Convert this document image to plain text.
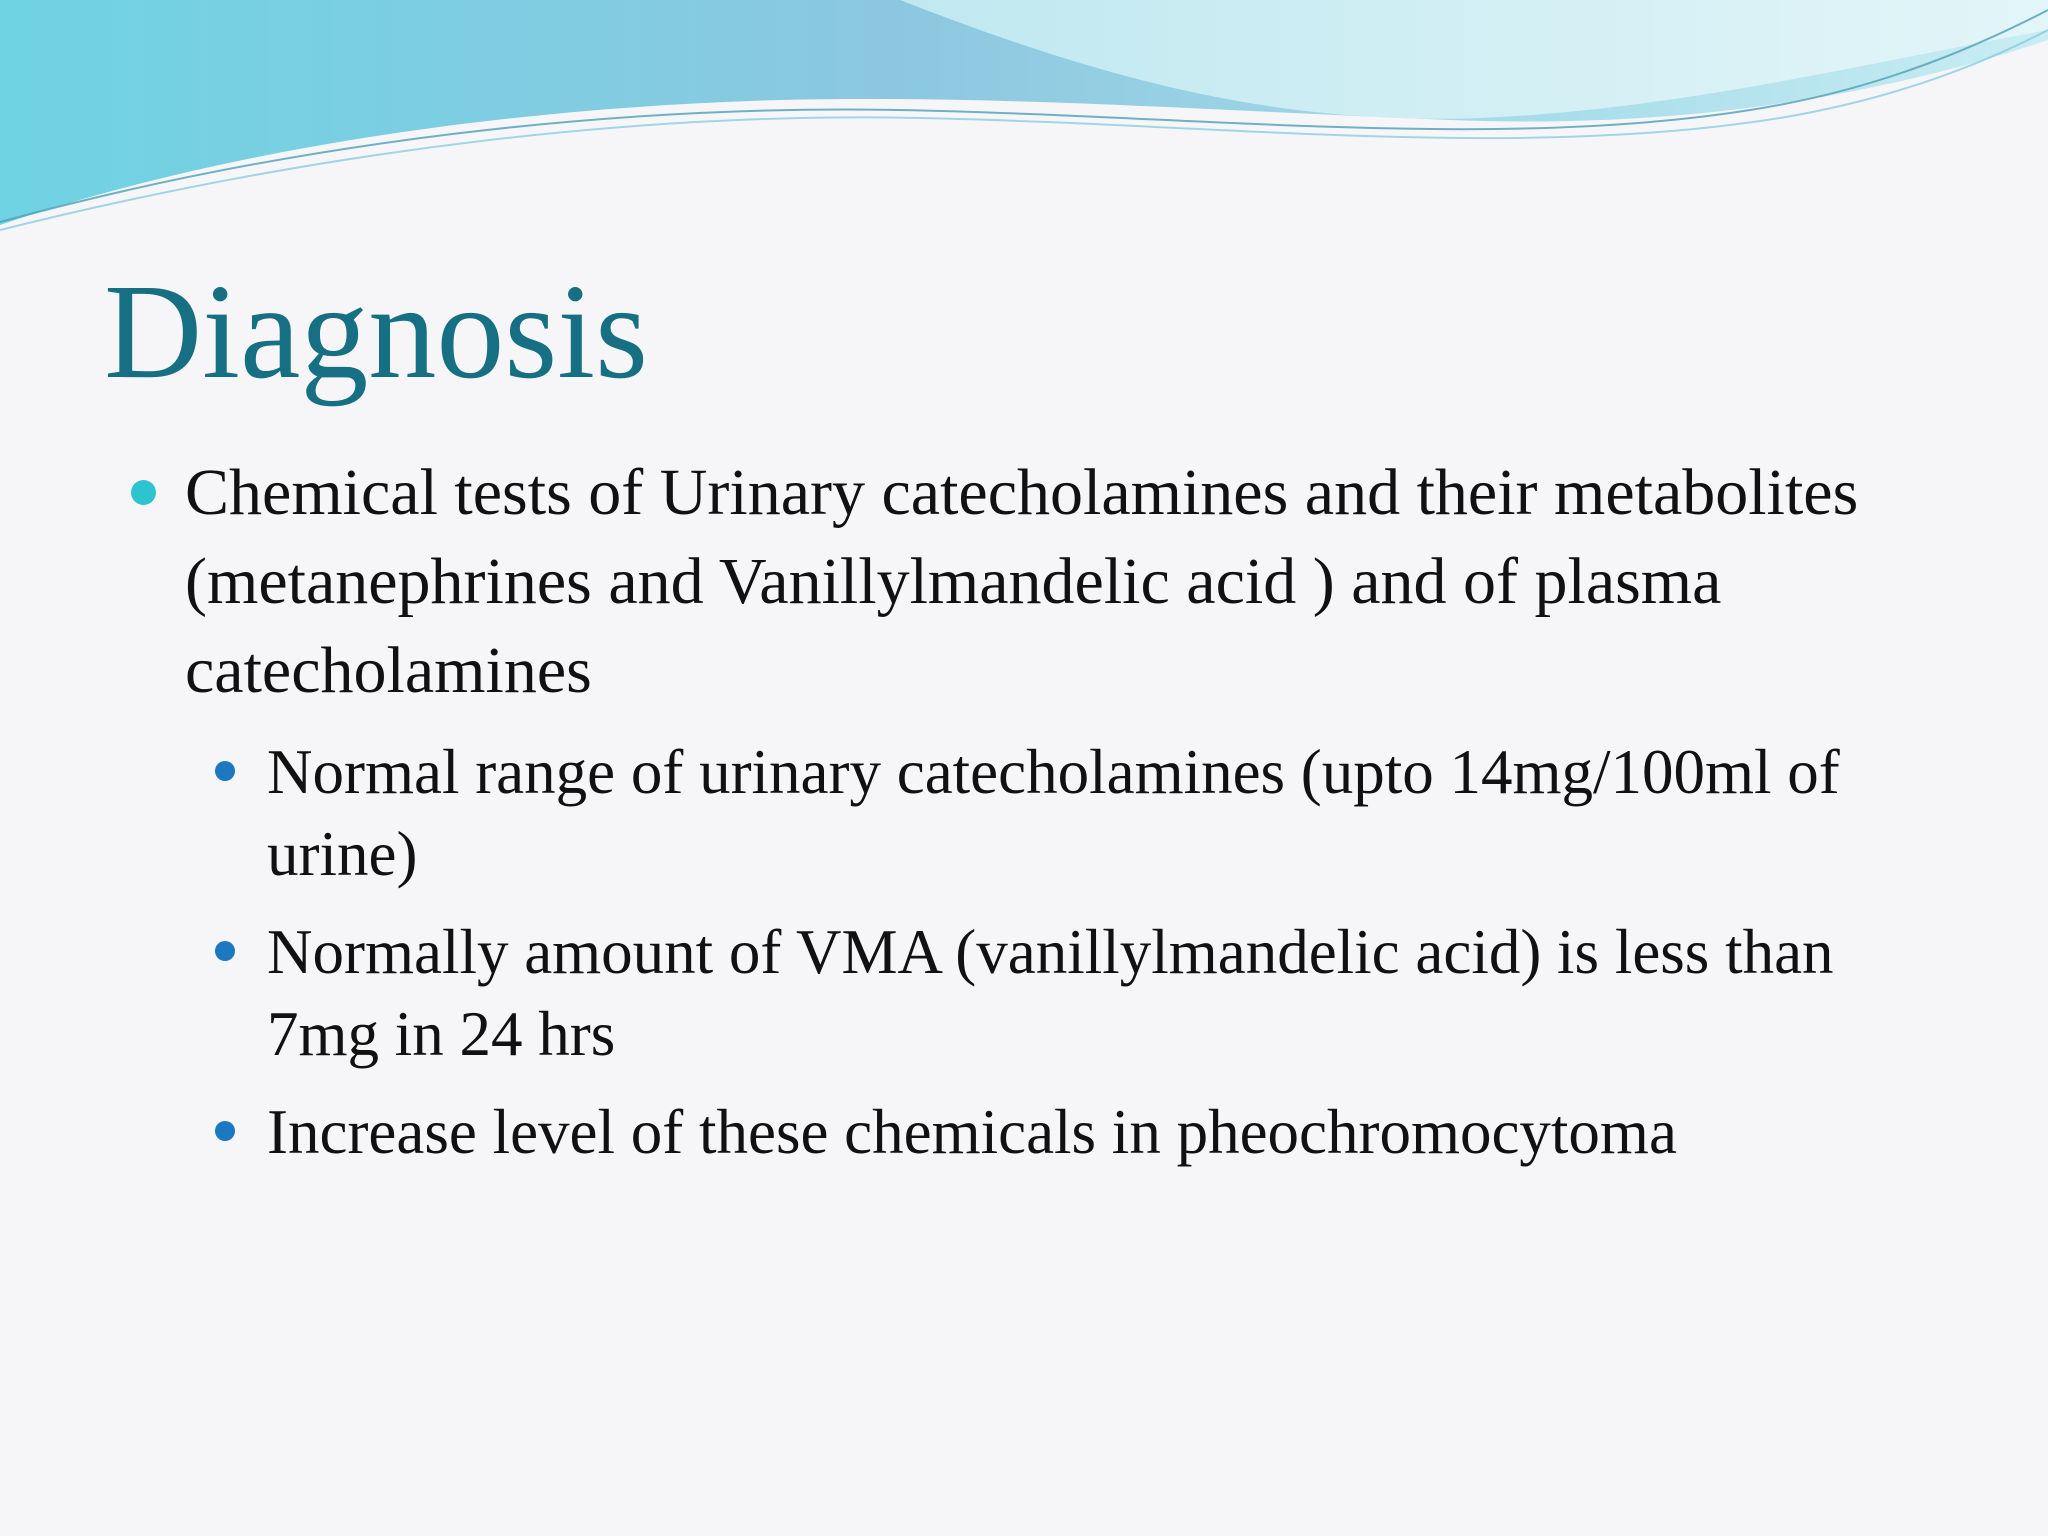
Diagnosis
Chemical tests of Urinary catecholamines and their metabolites (metanephrines and Vanillylmandelic acid ) and of plasma catecholamines
Normal range of urinary catecholamines (upto 14mg/100ml of urine)
Normally amount of VMA (vanillylmandelic acid) is less than 7mg in 24 hrs
Increase level of these chemicals in pheochromocytoma
